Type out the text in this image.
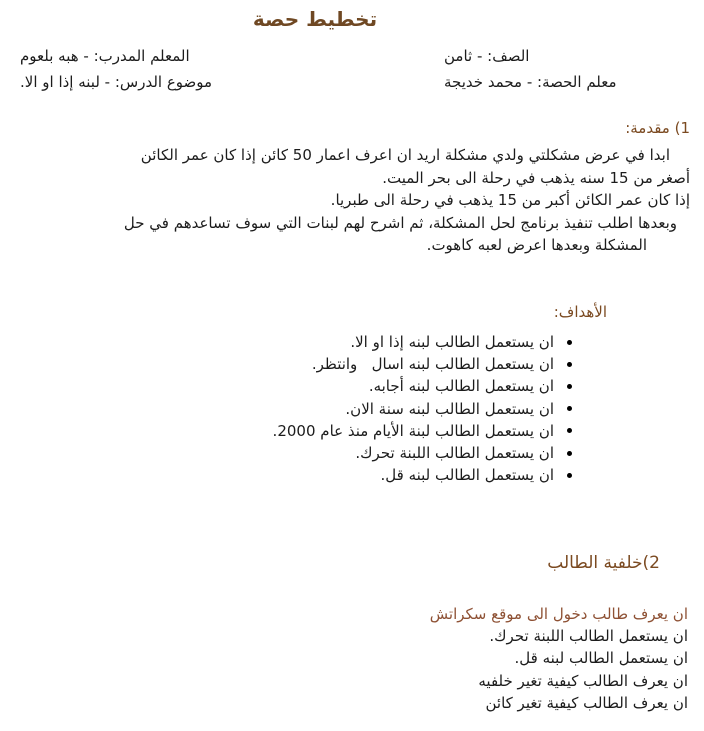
تخطيط حصة
الصف: - ثامن
معلم الحصة: - محمد خديجة
المعلم المدرب: - هبه بلعوم
موضوع الدرس: - لبنه إذا او الا.
1) مقدمة:
ابدا في عرض مشكلتي ولدي مشكلة اريد ان اعرف اعمار 50 كائن إذا كان عمر الكائن
أصغر من 15 سنه يذهب في رحلة الى بحر الميت.
إذا كان عمر الكائن أكبر من 15 يذهب في رحلة الى طبريا.
وبعدها اطلب تنفيذ برنامج لحل المشكلة، ثم اشرح لهم لبنات التي سوف تساعدهم في حل
المشكلة وبعدها اعرض لعبه كاهوت.
الأهداف:
ان يستعمل الطالب لبنه إذا او الا.
ان يستعمل الطالب لبنه اسال   وانتظر.
ان يستعمل الطالب لبنه أجابه.
ان يستعمل الطالب لبنه سنة الان.
ان يستعمل الطالب لبنة الأيام منذ عام 2000.
ان يستعمل الطالب اللبنة تحرك.
ان يستعمل الطالب لبنه قل.
2)خلفية الطالب
ان يعرف طالب دخول الى موقع سكراتش
ان يستعمل الطالب اللبنة تحرك.
ان يستعمل الطالب لبنه قل.
ان يعرف الطالب كيفية تغير خلفيه
ان يعرف الطالب كيفية تغير كائن
